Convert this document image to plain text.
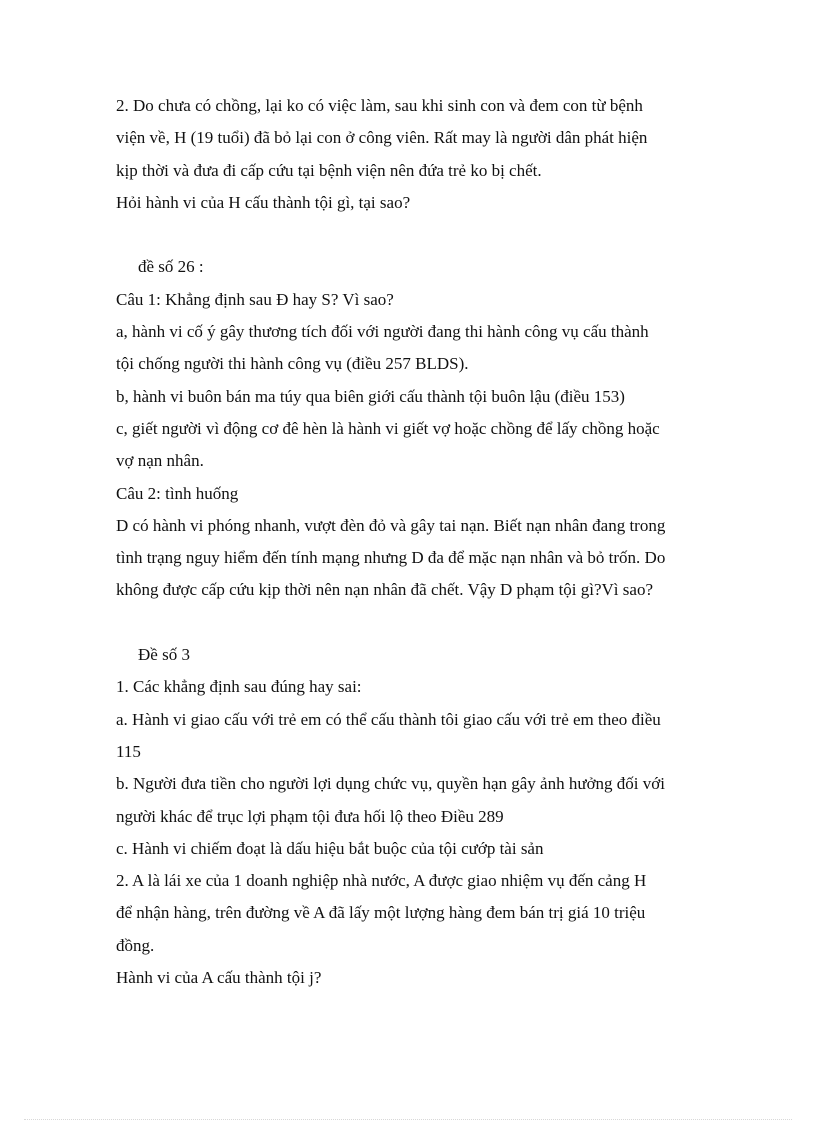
2. Do chưa có chồng, lại ko có việc làm, sau khi sinh con và đem con từ bệnh
viện về, H (19 tuổi) đã bỏ lại con ở công viên. Rất may là người dân phát hiện
kịp thời và đưa đi cấp cứu tại bệnh viện nên đứa trẻ ko bị chết.
Hỏi hành vi của H cấu thành tội gì, tại sao?
đề số 26 :
Câu 1: Khẳng định sau Đ hay S? Vì sao?
a, hành vi cố ý gây thương tích đối với người đang thi hành công vụ cấu thành
tội chống người thi hành công vụ (điều 257 BLDS).
b, hành vi buôn bán ma túy qua biên giới cấu thành tội buôn lậu (điều 153)
c, giết người vì động cơ đê hèn là hành vi giết vợ hoặc chồng để lấy chồng hoặc
vợ nạn nhân.
Câu 2: tình huống
D có hành vi phóng nhanh, vượt đèn đỏ và gây tai nạn. Biết nạn nhân đang trong
tình trạng nguy hiểm đến tính mạng nhưng D đa để mặc nạn nhân và bỏ trốn. Do
không được cấp cứu kịp thời nên nạn nhân đã chết. Vậy D phạm tội gì?Vì sao?
Đề số 3
1. Các khẳng định sau đúng hay sai:
a. Hành vi giao cấu với trẻ em có thể cấu thành tôi giao cấu với trẻ em theo điều
115
b. Người đưa tiền cho người lợi dụng chức vụ, quyền hạn gây ảnh hưởng đối với
người khác để trục lợi phạm tội đưa hối lộ theo Điều 289
c. Hành vi chiếm đoạt là dấu hiệu bắt buộc của tội cướp tài sản
2. A là lái xe của 1 doanh nghiệp nhà nước, A được giao nhiệm vụ đến cảng H
để nhận hàng, trên đường về A đã lấy một lượng hàng đem bán trị giá 10 triệu
đồng.
Hành vi của A cấu thành tội j?
